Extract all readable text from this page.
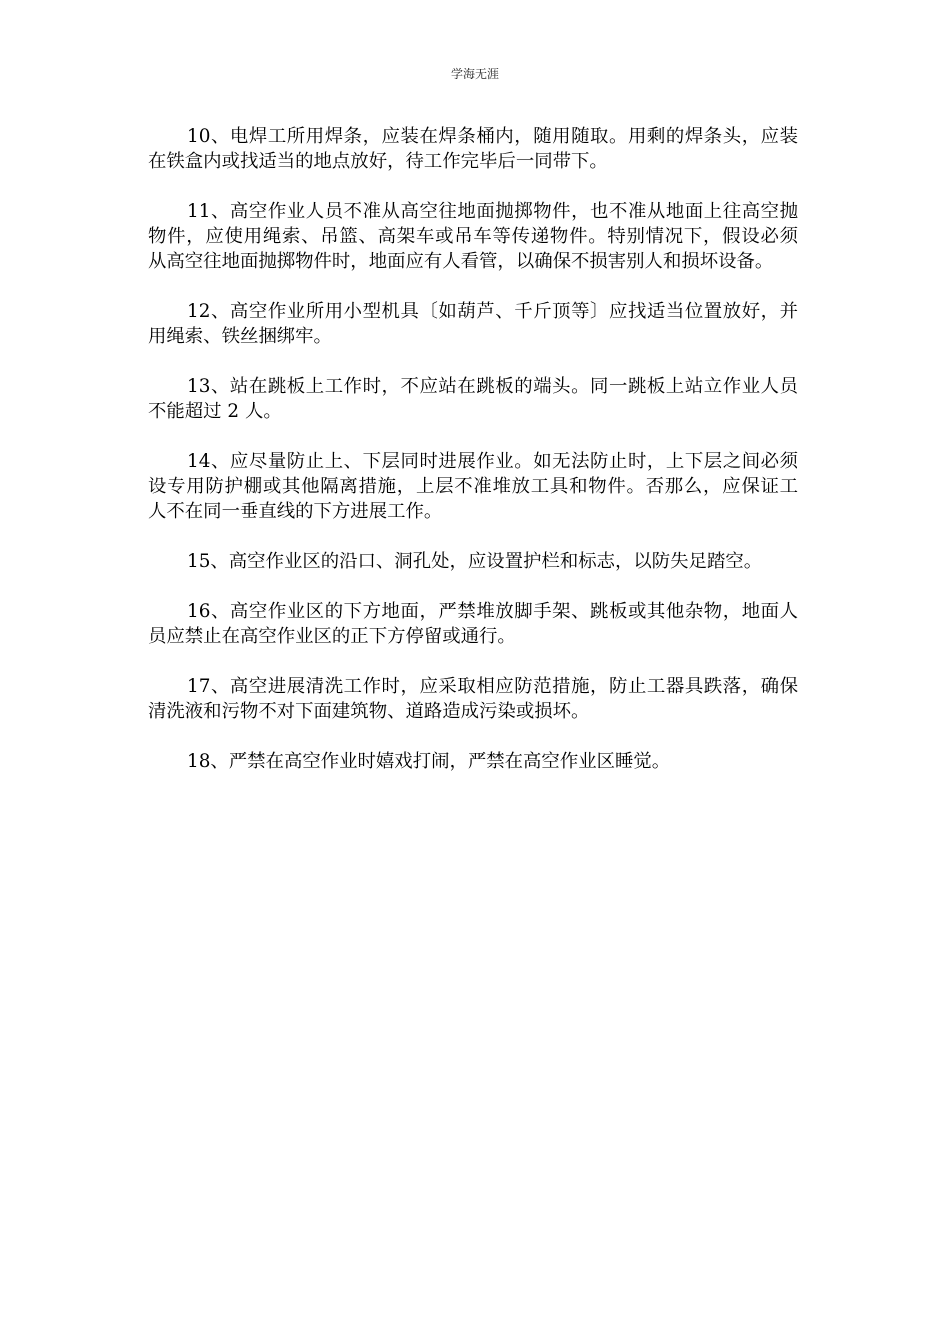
学海无涯
10、电焊工所用焊条，应装在焊条桶内，随用随取。用剩的焊条头，应装
在铁盒内或找适当的地点放好，待工作完毕后一同带下。
11、高空作业人员不准从高空往地面抛掷物件，也不准从地面上往高空抛
物件，应使用绳索、吊篮、高架车或吊车等传递物件。特别情况下，假设必须
从高空往地面抛掷物件时，地面应有人看管，以确保不损害别人和损坏设备。
12、高空作业所用小型机具〔如葫芦、千斤顶等〕应找适当位置放好，并
用绳索、铁丝捆绑牢。
13、站在跳板上工作时，不应站在跳板的端头。同一跳板上站立作业人员
不能超过 2 人。
14、应尽量防止上、下层同时进展作业。如无法防止时，上下层之间必须
设专用防护棚或其他隔离措施，上层不准堆放工具和物件。否那么，应保证工
人不在同一垂直线的下方进展工作。
15、高空作业区的沿口、洞孔处，应设置护栏和标志，以防失足踏空。
16、高空作业区的下方地面，严禁堆放脚手架、跳板或其他杂物，地面人
员应禁止在高空作业区的正下方停留或通行。
17、高空进展清洗工作时，应采取相应防范措施，防止工器具跌落，确保
清洗液和污物不对下面建筑物、道路造成污染或损坏。
18、严禁在高空作业时嬉戏打闹，严禁在高空作业区睡觉。
